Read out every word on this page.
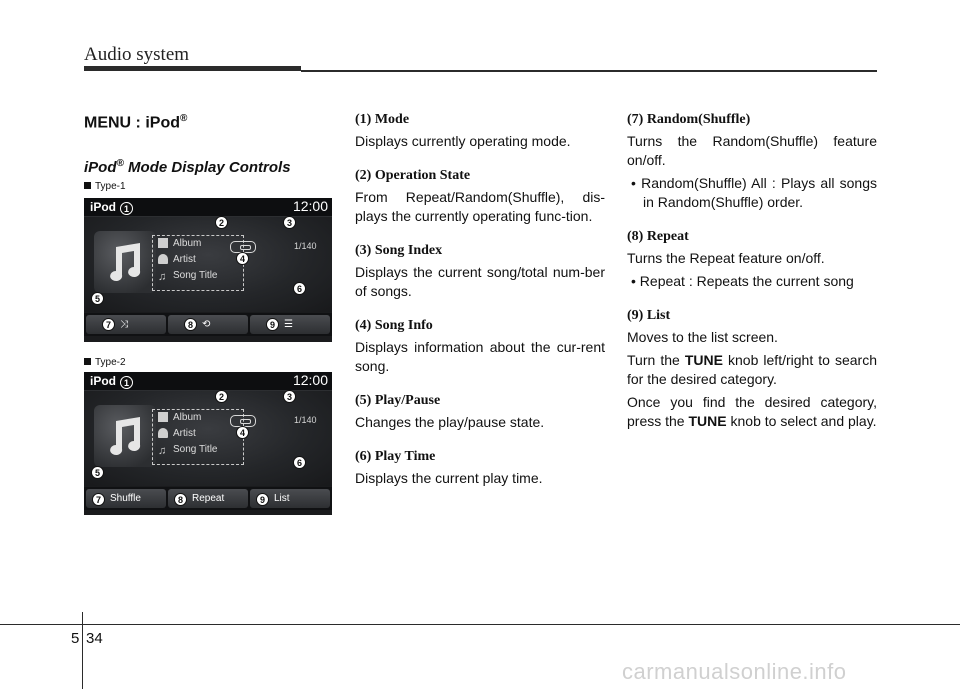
Audio system
MENU : iPod®
iPod® Mode Display Controls
Type-1
iPod	12:00
Album
Artist
♫ Song Title
1/140
⤨	⟲	☰
1
2	3
4
5
6
7	8	9
Type-2
iPod	12:00
Album
Artist
♫ Song Title
1/140
Shuffle	Repeat	List
1
2	3
4
5
6
7	8	9
(1) Mode
Displays currently operating mode.
(2) Operation State
From Repeat/Random(Shuffle), dis-plays the currently operating func-tion.
(3) Song Index
Displays the current song/total num-ber of songs.
(4) Song Info
Displays information about the cur-rent song.
(5) Play/Pause
Changes the play/pause state.
(6) Play Time
Displays the current play time.
(7) Random(Shuffle)
Turns the Random(Shuffle) feature on/off.
• Random(Shuffle) All : Plays all songs in Random(Shuffle) order.
(8) Repeat
Turns the Repeat feature on/off.
• Repeat : Repeats the current song
(9) List
Moves to the list screen.
Turn the TUNE knob left/right to search for the desired category.
Once you find the desired category, press the TUNE knob to select and play.
5 34
carmanualsonline.info
